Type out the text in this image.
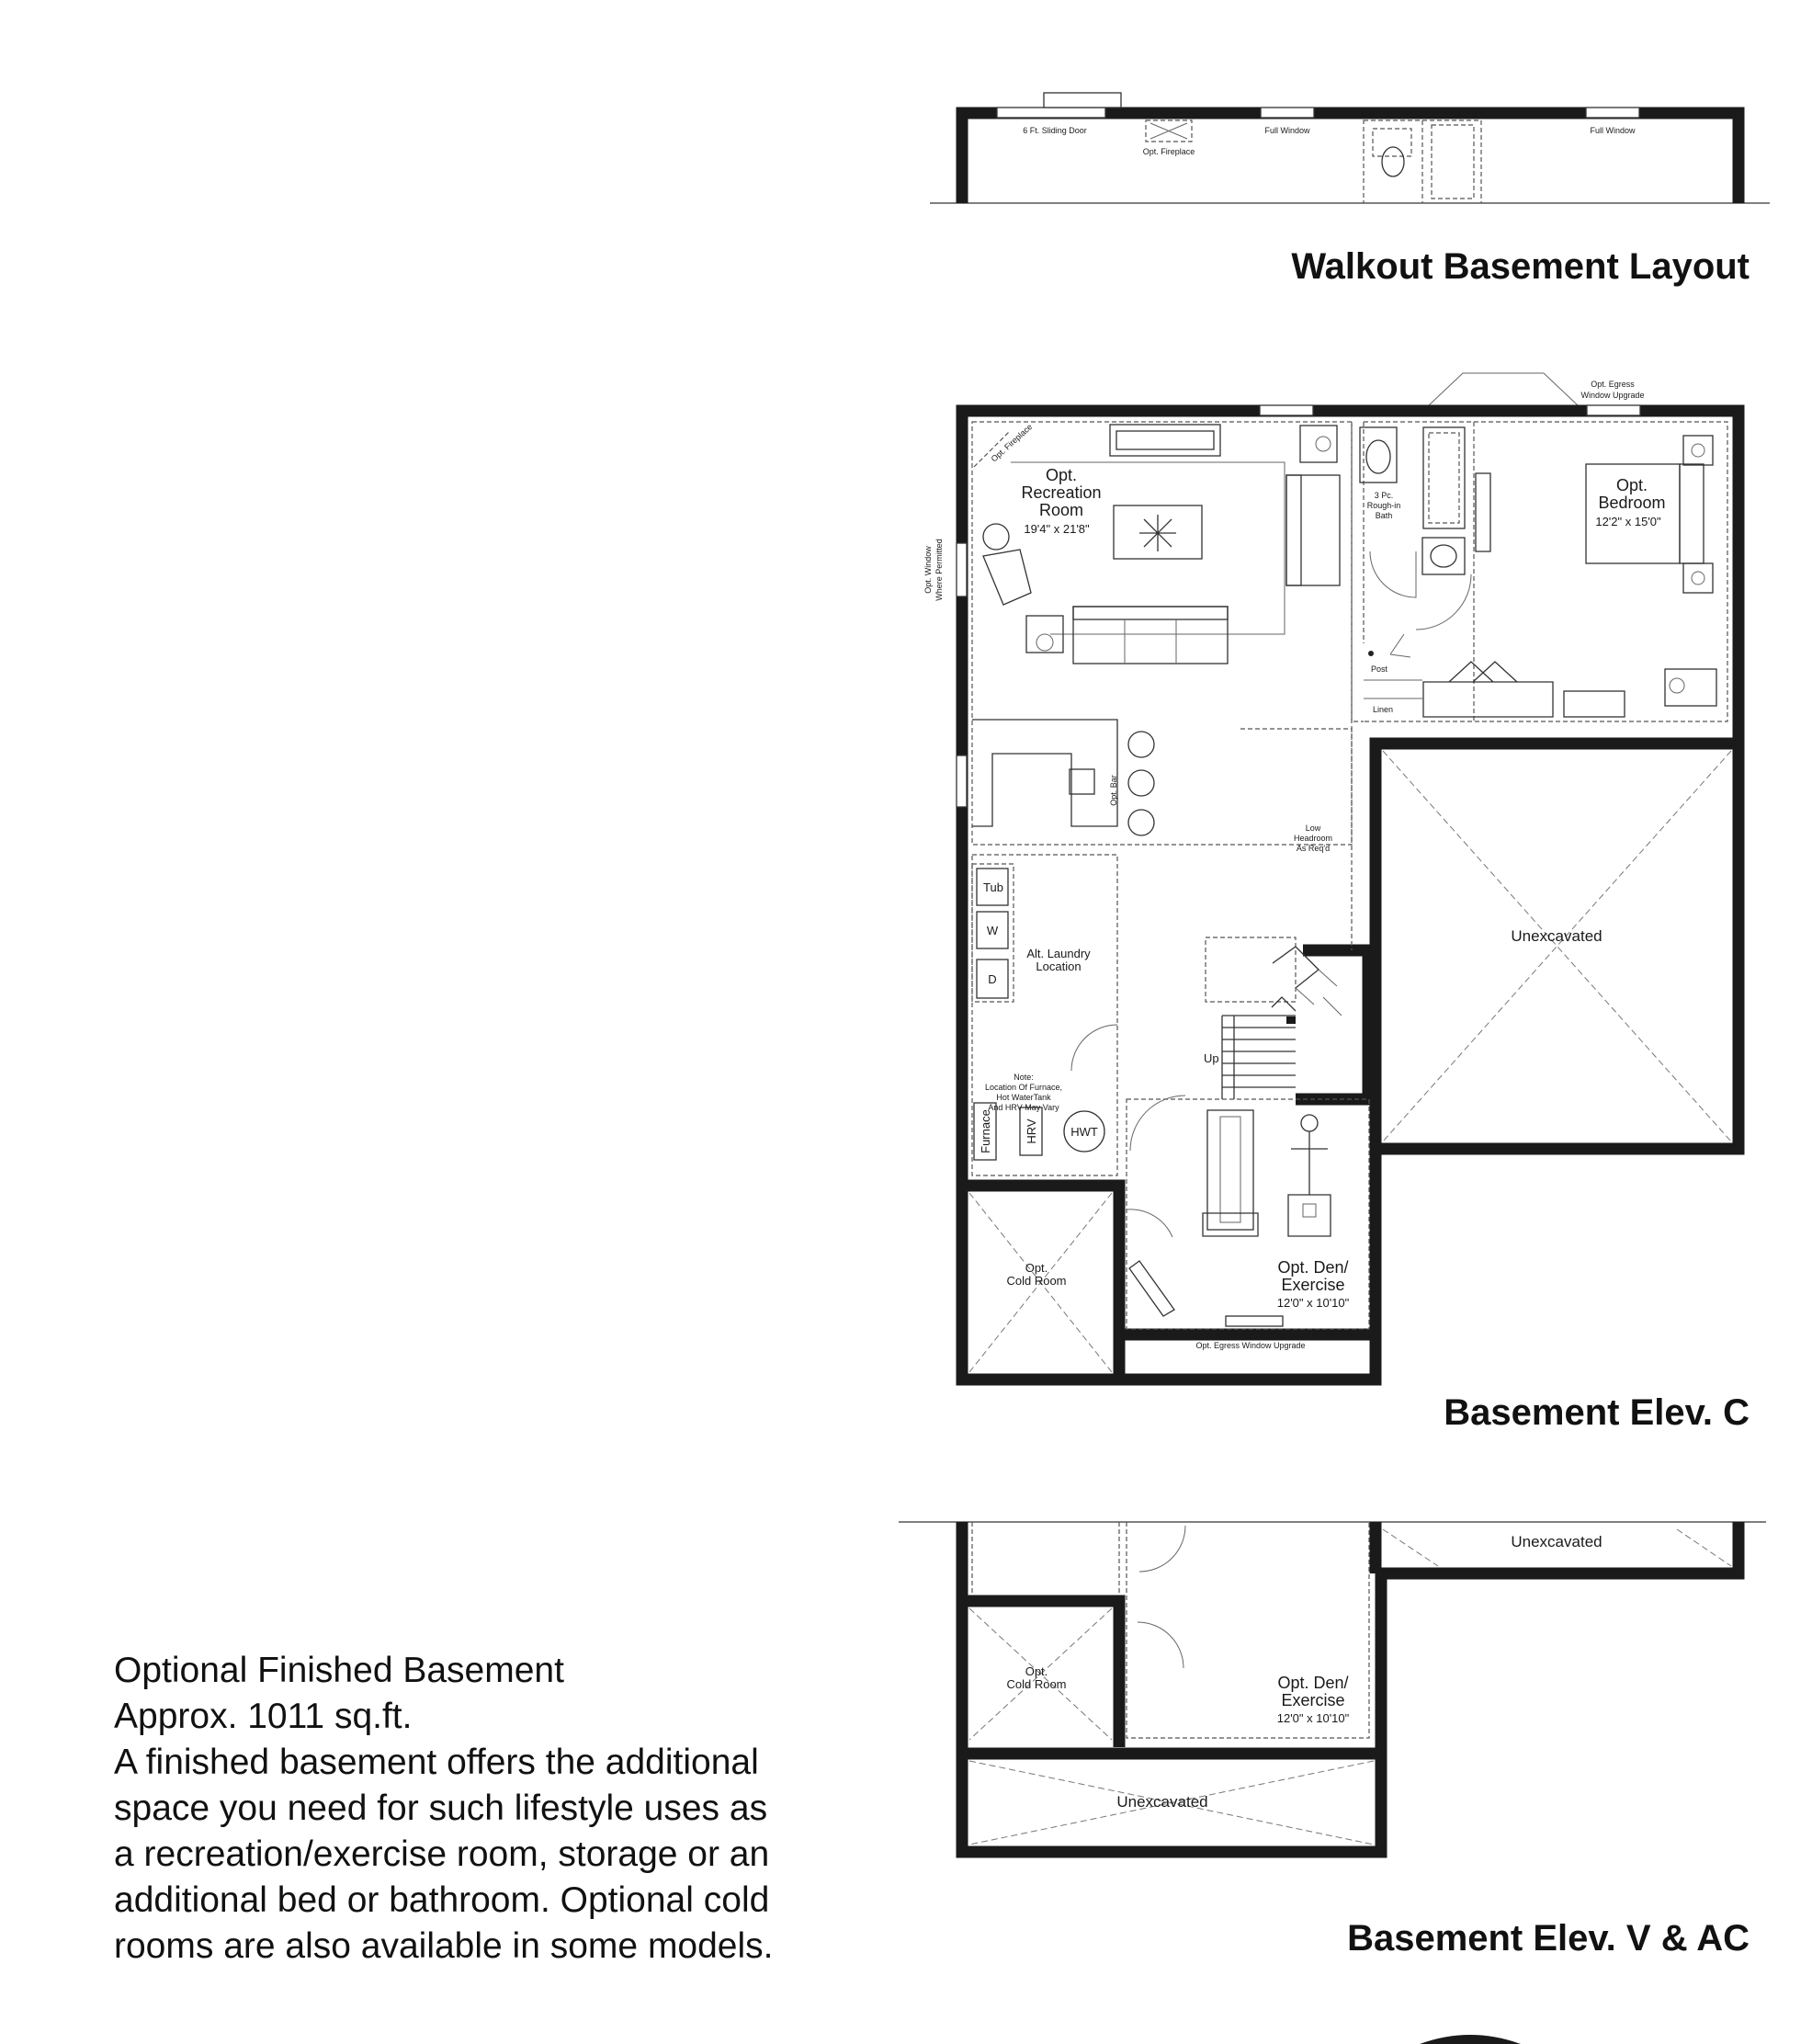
6 Ft. Sliding Door
Opt. Fireplace
Full Window	Full Window
Opt. Egress
Window Upgrade
Opt. Fireplace
Opt.
Recreation
Room
19'4" x 21'8"
Opt. Window Where Permitted
3 Pc.
Rough-in
Bath
Opt.
Bedroom
12'2" x 15'0"
Post
Linen
Opt. Bar
Low
Headroom
As Req'd
Unexcavated
Tub
W
D
Alt. Laundry
Location
Up
Note:
Location Of Furnace,
Hot WaterTank
And HRV May Vary
Furnace	HRV	HWT
Opt.
Cold Room
Opt. Den/
Exercise
12'0" x 10'10"
Opt. Egress Window Upgrade
Unexcavated
Opt.
Cold Room	Opt. Den/
Exercise
12'0" x 10'10"
Unexcavated
Walkout Basement Layout
Basement Elev. C
Basement Elev. V & AC
Optional Finished Basement
Approx. 1011 sq.ft.
A finished basement offers the additional
space you need for such lifestyle uses as
a recreation/exercise room, storage or an
additional bed or bathroom. Optional cold
rooms are also available in some models.
